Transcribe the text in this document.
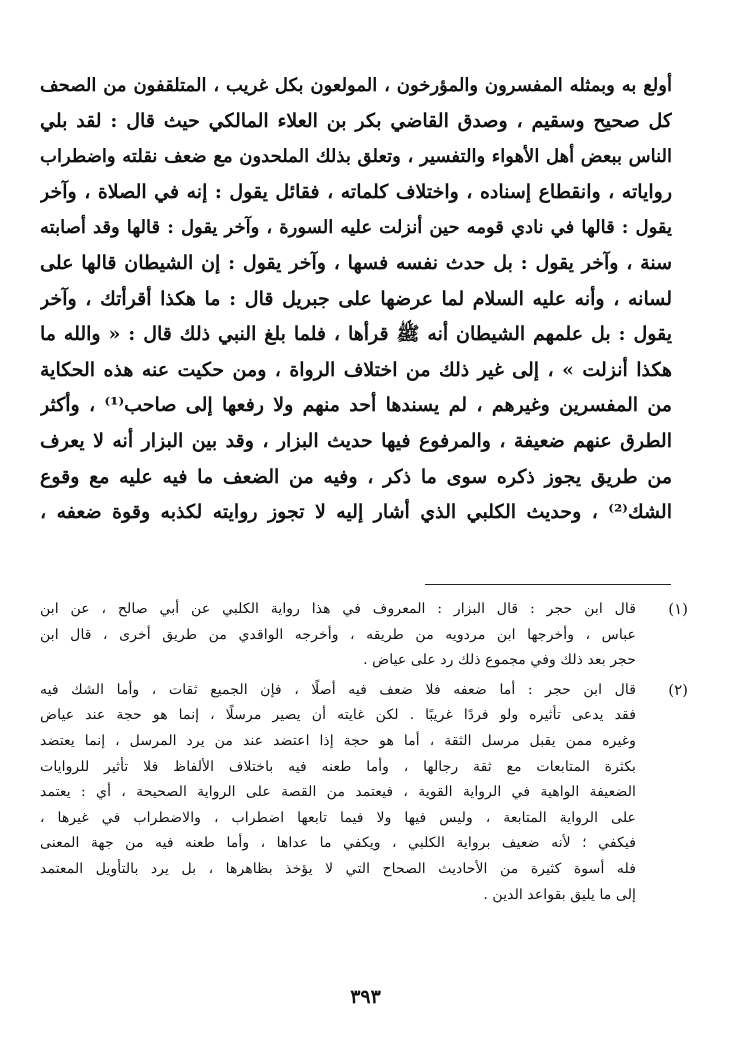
أولع به وبمثله المفسرون والمؤرخون ، المولعون بكل غريب ، المتلقفون من الصحف
كل صحيح وسقيم ، وصدق القاضي بكر بن العلاء المالكي حيث قال : لقد بلي
الناس ببعض أهل الأهواء والتفسير ، وتعلق بذلك الملحدون مع ضعف نقلته واضطراب
رواياته ، وانقطاع إسناده ، واختلاف كلماته ، فقائل يقول : إنه في الصلاة ، وآخر
يقول : قالها في نادي قومه حين أنزلت عليه السورة ، وآخر يقول : قالها وقد أصابته
سنة ، وآخر يقول : بل حدث نفسه فسها ، وآخر يقول : إن الشيطان قالها على
لسانه ، وأنه عليه السلام لما عرضها على جبريل قال : ما هكذا أقرأتك ، وآخر
يقول : بل علمهم الشيطان أنه ﷺ قرأها ، فلما بلغ النبي ذلك قال : « والله ما
هكذا أنزلت » ، إلى غير ذلك من اختلاف الرواة ، ومن حكيت عنه هذه الحكاية
من المفسرين وغيرهم ، لم يسندها أحد منهم ولا رفعها إلى صاحب⁽¹⁾ ، وأكثر
الطرق عنهم ضعيفة ، والمرفوع فيها حديث البزار ، وقد بين البزار أنه لا يعرف
من طريق يجوز ذكره سوى ما ذكر ، وفيه من الضعف ما فيه عليه مع وقوع
الشك⁽²⁾ ، وحديث الكلبي الذي أشار إليه لا تجوز روايته لكذبه وقوة ضعفه ،
(١)
قال ابن حجر : قال البزار : المعروف في هذا رواية الكلبي عن أبي صالح ، عن ابن
عباس ، وأخرجها ابن مردويه من طريقه ، وأخرجه الواقدي من طريق أخرى ، قال ابن
حجر بعد ذلك وفي مجموع ذلك رد على عياض .
(٢)
قال ابن حجر : أما ضعفه فلا ضعف فيه أصلًا ، فإن الجميع ثقات ، وأما الشك فيه
فقد يدعى تأثيره ولو فردًا غريبًا . لكن غايته أن يصير مرسلًا ، إنما هو حجة عند عياض
وغيره ممن يقبل مرسل الثقة ، أما هو حجة إذا اعتضد عند من يرد المرسل ، إنما يعتضد
بكثرة المتابعات مع ثقة رجالها ، وأما طعنه فيه باختلاف الألفاظ فلا تأثير للروايات
الضعيفة الواهية في الرواية القوية ، فيعتمد من القصة على الرواية الصحيحة ، أي : يعتمد
على الرواية المتابعة ، وليس فيها ولا فيما تابعها اضطراب ، والاضطراب في غيرها ،
فيكفي ؛ لأنه ضعيف برواية الكلبي ، ويكفي ما عداها ، وأما طعنه فيه من جهة المعنى
فله أسوة كثيرة من الأحاديث الصحاح التي لا يؤخذ بظاهرها ، بل يرد بالتأويل المعتمد
إلى ما يليق بقواعد الدين .
٣٩٣
